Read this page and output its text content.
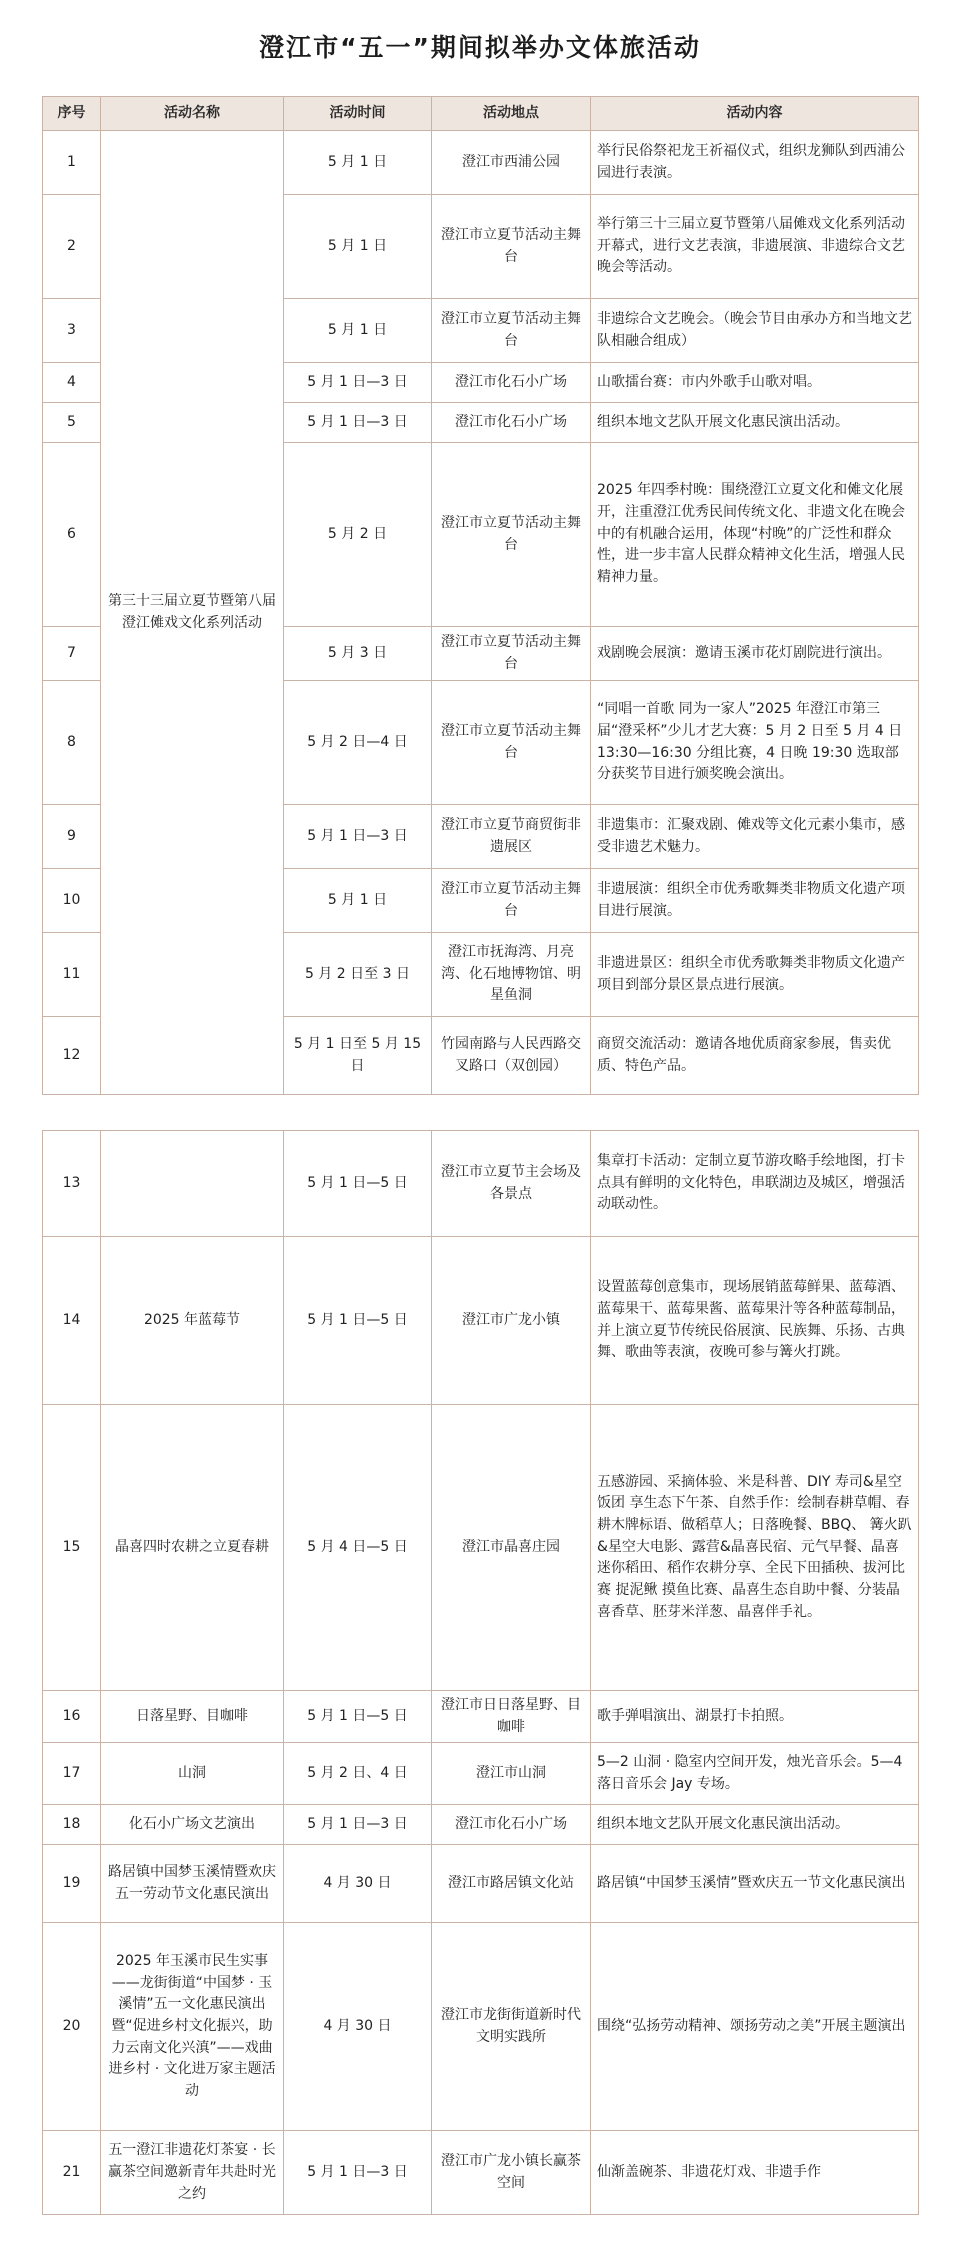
澄江市“五一”期间拟举办文体旅活动
序号	活动名称	活动时间	活动地点	活动内容
1	第三十三届立夏节暨第八届澄江傩戏文化系列活动	5 月 1 日	澄江市西浦公园	举行民俗祭祀龙王祈福仪式，组织龙狮队到西浦公园进行表演。
2		5 月 1 日	澄江市立夏节活动主舞台	举行第三十三届立夏节暨第八届傩戏文化系列活动开幕式，进行文艺表演，非遗展演、非遗综合文艺晚会等活动。
3		5 月 1 日	澄江市立夏节活动主舞台	非遗综合文艺晚会。（晚会节目由承办方和当地文艺队相融合组成）
4		5 月 1 日—3 日	澄江市化石小广场	山歌擂台赛：市内外歌手山歌对唱。
5		5 月 1 日—3 日	澄江市化石小广场	组织本地文艺队开展文化惠民演出活动。
6		5 月 2 日	澄江市立夏节活动主舞台	2025 年四季村晚：围绕澄江立夏文化和傩文化展开，注重澄江优秀民间传统文化、非遗文化在晚会中的有机融合运用，体现“村晚”的广泛性和群众性，进一步丰富人民群众精神文化生活，增强人民精神力量。
7		5 月 3 日	澄江市立夏节活动主舞台	戏剧晚会展演：邀请玉溪市花灯剧院进行演出。
8		5 月 2 日—4 日	澄江市立夏节活动主舞台	“同唱一首歌 同为一家人”2025 年澄江市第三届“澄采杯”少儿才艺大赛：5 月 2 日至 5 月 4 日 13:30—16:30 分组比赛，4 日晚 19:30 选取部分获奖节目进行颁奖晚会演出。
9		5 月 1 日—3 日	澄江市立夏节商贸街非遗展区	非遗集市：汇聚戏剧、傩戏等文化元素小集市，感受非遗艺术魅力。
10		5 月 1 日	澄江市立夏节活动主舞台	非遗展演：组织全市优秀歌舞类非物质文化遗产项目进行展演。
11		5 月 2 日至 3 日	澄江市抚海湾、月亮湾、化石地博物馆、明星鱼洞	非遗进景区：组织全市优秀歌舞类非物质文化遗产项目到部分景区景点进行展演。
12		5 月 1 日至 5 月 15 日	竹园南路与人民西路交叉路口（双创园）	商贸交流活动：邀请各地优质商家参展，售卖优质、特色产品。
13		5 月 1 日—5 日	澄江市立夏节主会场及各景点	集章打卡活动：定制立夏节游攻略手绘地图，打卡点具有鲜明的文化特色，串联湖边及城区，增强活动联动性。
14	2025 年蓝莓节	5 月 1 日—5 日	澄江市广龙小镇	设置蓝莓创意集市，现场展销蓝莓鲜果、蓝莓酒、蓝莓果干、蓝莓果酱、蓝莓果汁等各种蓝莓制品，并上演立夏节传统民俗展演、民族舞、乐扬、古典舞、歌曲等表演，夜晚可参与篝火打跳。
15	晶喜四时农耕之立夏春耕	5 月 4 日—5 日	澄江市晶喜庄园	五感游园、采摘体验、米是科普、DIY 寿司&星空饭团 享生态下午茶、自然手作：绘制春耕草帽、春耕木牌标语、做稻草人；日落晚餐、BBQ、 篝火趴&星空大电影、露营&晶喜民宿、元气早餐、晶喜迷你稻田、稻作农耕分享、全民下田插秧、拔河比赛 捉泥鳅 摸鱼比赛、晶喜生态自助中餐、分装晶喜香草、胚芽米洋葱、晶喜伴手礼。
16	日落星野、目咖啡	5 月 1 日—5 日	澄江市日日落星野、目咖啡	歌手弹唱演出、湖景打卡拍照。
17	山洞	5 月 2 日、4 日	澄江市山洞	5—2 山洞 · 隐室内空间开发，烛光音乐会。5—4 落日音乐会 Jay 专场。
18	化石小广场文艺演出	5 月 1 日—3 日	澄江市化石小广场	组织本地文艺队开展文化惠民演出活动。
19	路居镇中国梦玉溪情暨欢庆五一劳动节文化惠民演出	4 月 30 日	澄江市路居镇文化站	路居镇“中国梦玉溪情”暨欢庆五一节文化惠民演出
20	2025 年玉溪市民生实事——龙街街道“中国梦 · 玉溪情”五一文化惠民演出暨“促进乡村文化振兴，助力云南文化兴滇”——戏曲进乡村 · 文化进万家主题活动	4 月 30 日	澄江市龙街街道新时代文明实践所	围绕“弘扬劳动精神、颂扬劳动之美”开展主题演出
21	五一澄江非遗花灯茶宴 · 长赢茶空间邀新青年共赴时光之约	5 月 1 日—3 日	澄江市广龙小镇长赢茶空间	仙渐盖碗茶、非遗花灯戏、非遗手作
